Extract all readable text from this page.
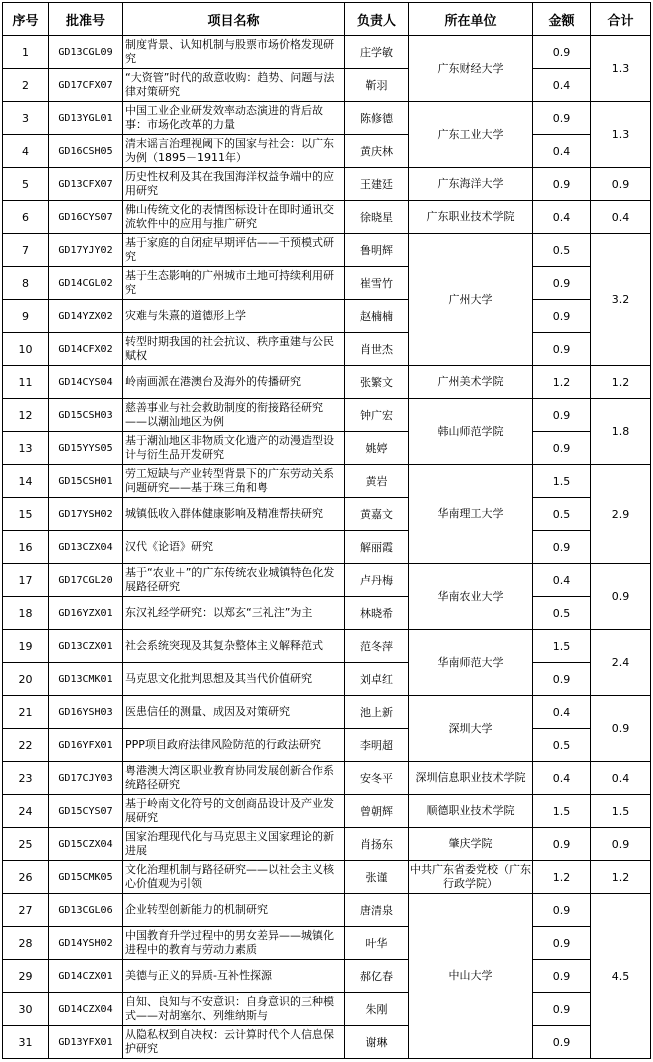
序号	批准号	项目名称	负责人	所在单位	金额	合计
1	GD13CGL09	制度背景、认知机制与股票市场价格发现研究	庄学敏	广东财经大学	0.9	1.3
2	GD17CFX07	“大资管”时代的敌意收购：趋势、问题与法律对策研究	靳羽		0.4	
3	GD13YGL01	中国工业企业研发效率动态演进的背后故事：市场化改革的力量	陈修德	广东工业大学	0.9	1.3
4	GD16CSH05	清末谣言治理视阈下的国家与社会：以广东为例（1895－1911年）	黄庆林		0.4	
5	GD13CFX07	历史性权利及其在我国海洋权益争端中的应用研究	王建廷	广东海洋大学	0.9	0.9
6	GD16CYS07	佛山传统文化的表情图标设计在即时通讯交流软件中的应用与推广研究	徐晓星	广东职业技术学院	0.4	0.4
7	GD17YJY02	基于家庭的自闭症早期评估——干预模式研究	鲁明辉	广州大学	0.5	3.2
8	GD14CGL02	基于生态影响的广州城市土地可持续利用研究	崔雪竹		0.9	
9	GD14YZX02	灾难与朱熹的道德形上学	赵楠楠		0.9	
10	GD14CFX02	转型时期我国的社会抗议、秩序重建与公民赋权	肖世杰		0.9	
11	GD14CYS04	岭南画派在港澳台及海外的传播研究	张繁文	广州美术学院	1.2	1.2
12	GD15CSH03	慈善事业与社会救助制度的衔接路径研究——以潮汕地区为例	钟广宏	韩山师范学院	0.9	1.8
13	GD15YYS05	基于潮汕地区非物质文化遗产的动漫造型设计与衍生品开发研究	姚婷		0.9	
14	GD15CSH01	劳工短缺与产业转型背景下的广东劳动关系问题研究——基于珠三角和粤	黄岩	华南理工大学	1.5	2.9
15	GD17YSH02	城镇低收入群体健康影响及精准帮扶研究	黄嘉文		0.5	
16	GD13CZX04	汉代《论语》研究	解丽霞		0.9	
17	GD17CGL20	基于“农业＋”的广东传统农业城镇特色化发展路径研究	卢丹梅	华南农业大学	0.4	0.9
18	GD16YZX01	东汉礼经学研究：以郑玄“三礼注”为主	林晓希		0.5	
19	GD13CZX01	社会系统突现及其复杂整体主义解释范式	范冬萍	华南师范大学	1.5	2.4
20	GD13CMK01	马克思文化批判思想及其当代价值研究	刘卓红		0.9	
21	GD16YSH03	医患信任的测量、成因及对策研究	池上新	深圳大学	0.4	0.9
22	GD16YFX01	PPP项目政府法律风险防范的行政法研究	李明超		0.5	
23	GD17CJY03	粤港澳大湾区职业教育协同发展创新合作系统路径研究	安冬平	深圳信息职业技术学院	0.4	0.4
24	GD15CYS07	基于岭南文化符号的文创商品设计及产业发展研究	曾朝辉	顺德职业技术学院	1.5	1.5
25	GD15CZX04	国家治理现代化与马克思主义国家理论的新进展	肖扬东	肇庆学院	0.9	0.9
26	GD15CMK05	文化治理机制与路径研究——以社会主义核心价值观为引领	张谨	中共广东省委党校（广东行政学院）	1.2	1.2
27	GD13CGL06	企业转型创新能力的机制研究	唐清泉	中山大学	0.9	4.5
28	GD14YSH02	中国教育升学过程中的男女差异——城镇化进程中的教育与劳动力素质	叶华		0.9	
29	GD14CZX01	美德与正义的异质-互补性探源	郝亿春		0.9	
30	GD14CZX04	自知、良知与不安意识：自身意识的三种模式——对胡塞尔、列维纳斯与	朱刚		0.9	
31	GD13YFX01	从隐私权到自决权：云计算时代个人信息保护研究	谢琳		0.9	
